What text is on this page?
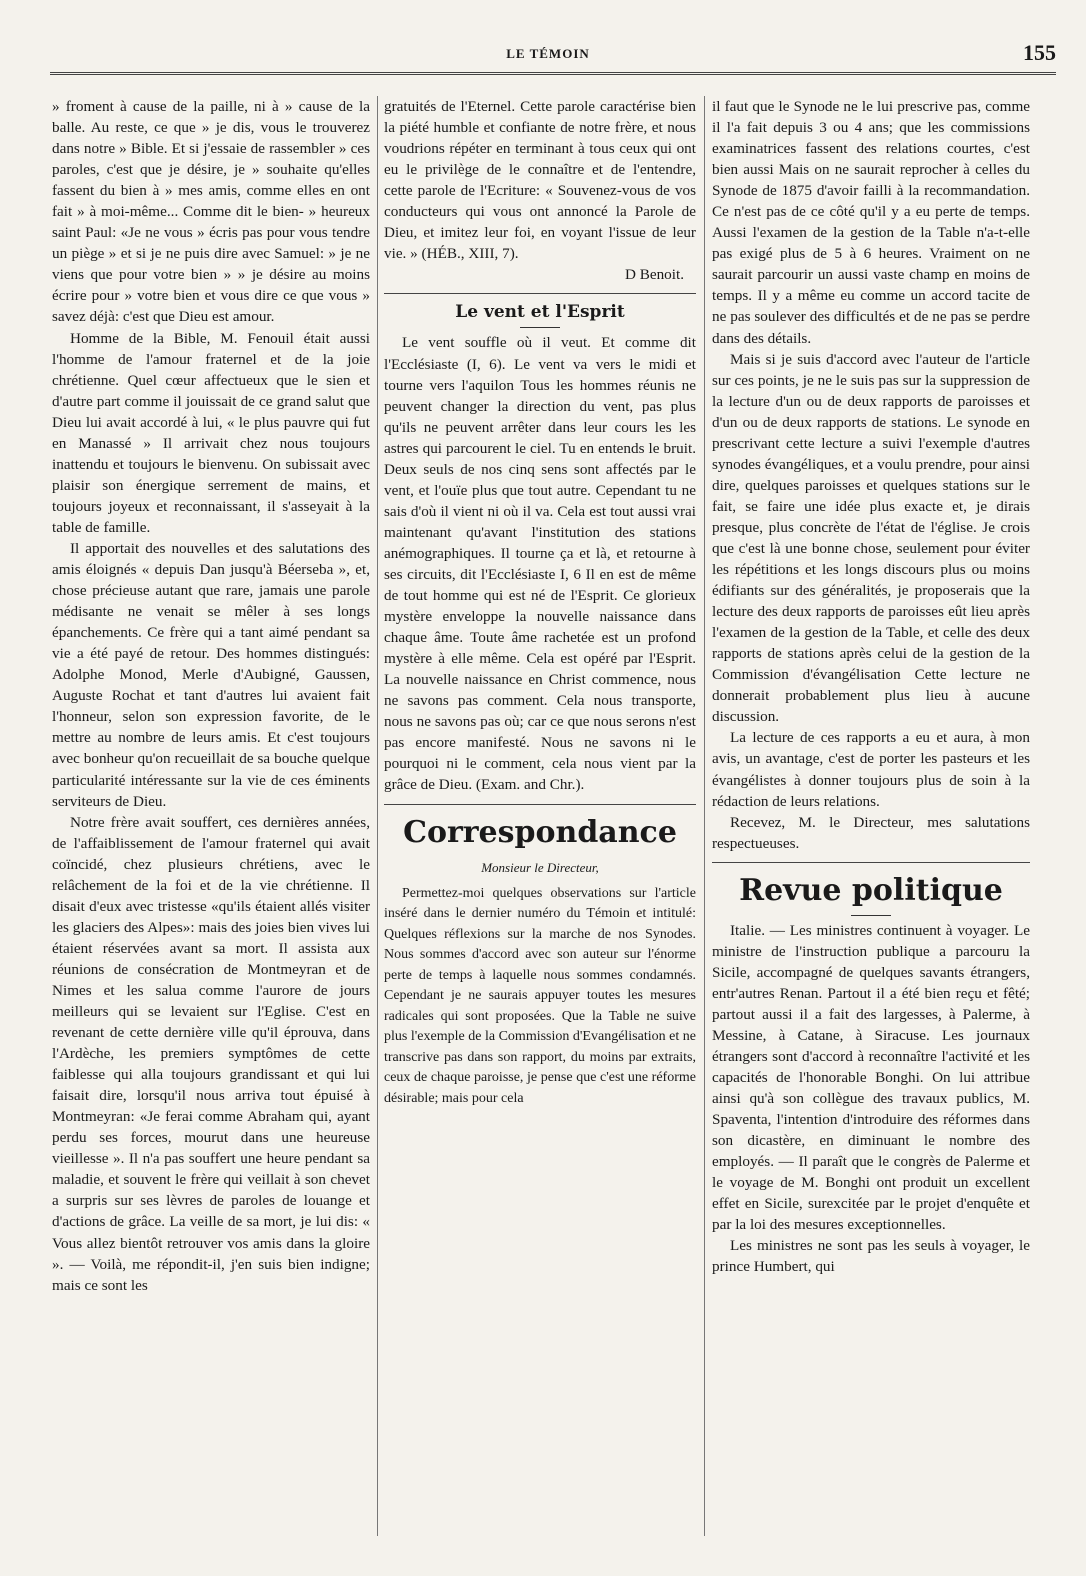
LE TÉMOIN	155

» froment à cause de la paille, ni à » cause de la balle. Au reste, ce que » je dis, vous le trouverez dans notre » Bible. Et si j'essaie de rassembler » ces paroles, c'est que je désire, je » souhaite qu'elles fassent du bien à » mes amis, comme elles en ont fait » à moi-même... Comme dit le bien- » heureux saint Paul: «Je ne vous » écris pas pour vous tendre un piège » et si je ne puis dire avec Samuel: » je ne viens que pour votre bien » » je désire au moins écrire pour » votre bien et vous dire ce que vous » savez déjà: c'est que Dieu est amour.

Homme de la Bible, M. Fenouil était aussi l'homme de l'amour fraternel et de la joie chrétienne. Quel cœur affectueux que le sien et d'autre part comme il jouissait de ce grand salut que Dieu lui avait accordé à lui, « le plus pauvre qui fut en Manassé » Il arrivait chez nous toujours inattendu et toujours le bienvenu. On subissait avec plaisir son énergique serrement de mains, et toujours joyeux et reconnaissant, il s'asseyait à la table de famille.

Il apportait des nouvelles et des salutations des amis éloignés « depuis Dan jusqu'à Béerseba », et, chose précieuse autant que rare, jamais une parole médisante ne venait se mêler à ses longs épanchements. Ce frère qui a tant aimé pendant sa vie a été payé de retour. Des hommes distingués: Adolphe Monod, Merle d'Aubigné, Gaussen, Auguste Rochat et tant d'autres lui avaient fait l'honneur, selon son expression favorite, de le mettre au nombre de leurs amis. Et c'est toujours avec bonheur qu'on recueillait de sa bouche quelque particularité intéressante sur la vie de ces éminents serviteurs de Dieu.

Notre frère avait souffert, ces dernières années, de l'affaiblissement de l'amour fraternel qui avait coïncidé, chez plusieurs chrétiens, avec le relâchement de la foi et de la vie chrétienne. Il disait d'eux avec tristesse «qu'ils étaient allés visiter les glaciers des Alpes»: mais des joies bien vives lui étaient réservées avant sa mort. Il assista aux réunions de consécration de Montmeyran et de Nimes et les salua comme l'aurore de jours meilleurs qui se levaient sur l'Eglise. C'est en revenant de cette dernière ville qu'il éprouva, dans l'Ardèche, les premiers symptômes de cette faiblesse qui alla toujours grandissant et qui lui faisait dire, lorsqu'il nous arriva tout épuisé à Montmeyran: «Je ferai comme Abraham qui, ayant perdu ses forces, mourut dans une heureuse vieillesse ». Il n'a pas souffert une heure pendant sa maladie, et souvent le frère qui veillait à son chevet a surpris sur ses lèvres de paroles de louange et d'actions de grâce. La veille de sa mort, je lui dis: « Vous allez bientôt retrouver vos amis dans la gloire ». — Voilà, me répondit-il, j'en suis bien indigne; mais ce sont les

gratuités de l'Eternel. Cette parole caractérise bien la piété humble et confiante de notre frère, et nous voudrions répéter en terminant à tous ceux qui ont eu le privilège de le connaître et de l'entendre, cette parole de l'Ecriture: « Souvenez-vous de vos conducteurs qui vous ont annoncé la Parole de Dieu, et imitez leur foi, en voyant l'issue de leur vie. » (HÉB., XIII, 7).

D Benoit.
Le vent et l'Esprit

Le vent souffle où il veut. Et comme dit l'Ecclésiaste (I, 6). Le vent va vers le midi et tourne vers l'aquilon Tous les hommes réunis ne peuvent changer la direction du vent, pas plus qu'ils ne peuvent arrêter dans leur cours les les astres qui parcourent le ciel. Tu en entends le bruit. Deux seuls de nos cinq sens sont affectés par le vent, et l'ouïe plus que tout autre. Cependant tu ne sais d'où il vient ni où il va. Cela est tout aussi vrai maintenant qu'avant l'institution des stations anémographiques. Il tourne ça et là, et retourne à ses circuits, dit l'Ecclésiaste I, 6 Il en est de même de tout homme qui est né de l'Esprit. Ce glorieux mystère enveloppe la nouvelle naissance dans chaque âme. Toute âme rachetée est un profond mystère à elle même. Cela est opéré par l'Esprit. La nouvelle naissance en Christ commence, nous ne savons pas comment. Cela nous transporte, nous ne savons pas où; car ce que nous serons n'est pas encore manifesté. Nous ne savons ni le pourquoi ni le comment, cela nous vient par la grâce de Dieu. (Exam. and Chr.).

Correspondance
Monsieur le Directeur,

Permettez-moi quelques observations sur l'article inséré dans le dernier numéro du Témoin et intitulé: Quelques réflexions sur la marche de nos Synodes. Nous sommes d'accord avec son auteur sur l'énorme perte de temps à laquelle nous sommes condamnés. Cependant je ne saurais appuyer toutes les mesures radicales qui sont proposées. Que la Table ne suive plus l'exemple de la Commission d'Evangélisation et ne transcrive pas dans son rapport, du moins par extraits, ceux de chaque paroisse, je pense que c'est une réforme désirable; mais pour cela

il faut que le Synode ne le lui prescrive pas, comme il l'a fait depuis 3 ou 4 ans; que les commissions examinatrices fassent des relations courtes, c'est bien aussi Mais on ne saurait reprocher à celles du Synode de 1875 d'avoir failli à la recommandation. Ce n'est pas de ce côté qu'il y a eu perte de temps. Aussi l'examen de la gestion de la Table n'a-t-elle pas exigé plus de 5 à 6 heures. Vraiment on ne saurait parcourir un aussi vaste champ en moins de temps. Il y a même eu comme un accord tacite de ne pas soulever des difficultés et de ne pas se perdre dans des détails.

Mais si je suis d'accord avec l'auteur de l'article sur ces points, je ne le suis pas sur la suppression de la lecture d'un ou de deux rapports de paroisses et d'un ou de deux rapports de stations. Le synode en prescrivant cette lecture a suivi l'exemple d'autres synodes évangéliques, et a voulu prendre, pour ainsi dire, quelques paroisses et quelques stations sur le fait, se faire une idée plus exacte et, je dirais presque, plus concrète de l'état de l'église. Je crois que c'est là une bonne chose, seulement pour éviter les répétitions et les longs discours plus ou moins édifiants sur des généralités, je proposerais que la lecture des deux rapports de paroisses eût lieu après l'examen de la gestion de la Table, et celle des deux rapports de stations après celui de la gestion de la Commission d'évangélisation Cette lecture ne donnerait probablement plus lieu à aucune discussion.

La lecture de ces rapports a eu et aura, à mon avis, un avantage, c'est de porter les pasteurs et les évangélistes à donner toujours plus de soin à la rédaction de leurs relations.

Recevez, M. le Directeur, mes salutations respectueuses.

Revue politique

Italie. — Les ministres continuent à voyager. Le ministre de l'instruction publique a parcouru la Sicile, accompagné de quelques savants étrangers, entr'autres Renan. Partout il a été bien reçu et fêté; partout aussi il a fait des largesses, à Palerme, à Messine, à Catane, à Siracuse. Les journaux étrangers sont d'accord à reconnaître l'activité et les capacités de l'honorable Bonghi. On lui attribue ainsi qu'à son collègue des travaux publics, M. Spaventa, l'intention d'introduire des réformes dans son dicastère, en diminuant le nombre des employés. — Il paraît que le congrès de Palerme et le voyage de M. Bonghi ont produit un excellent effet en Sicile, surexcitée par le projet d'enquête et par la loi des mesures exceptionnelles.

Les ministres ne sont pas les seuls à voyager, le prince Humbert, qui
